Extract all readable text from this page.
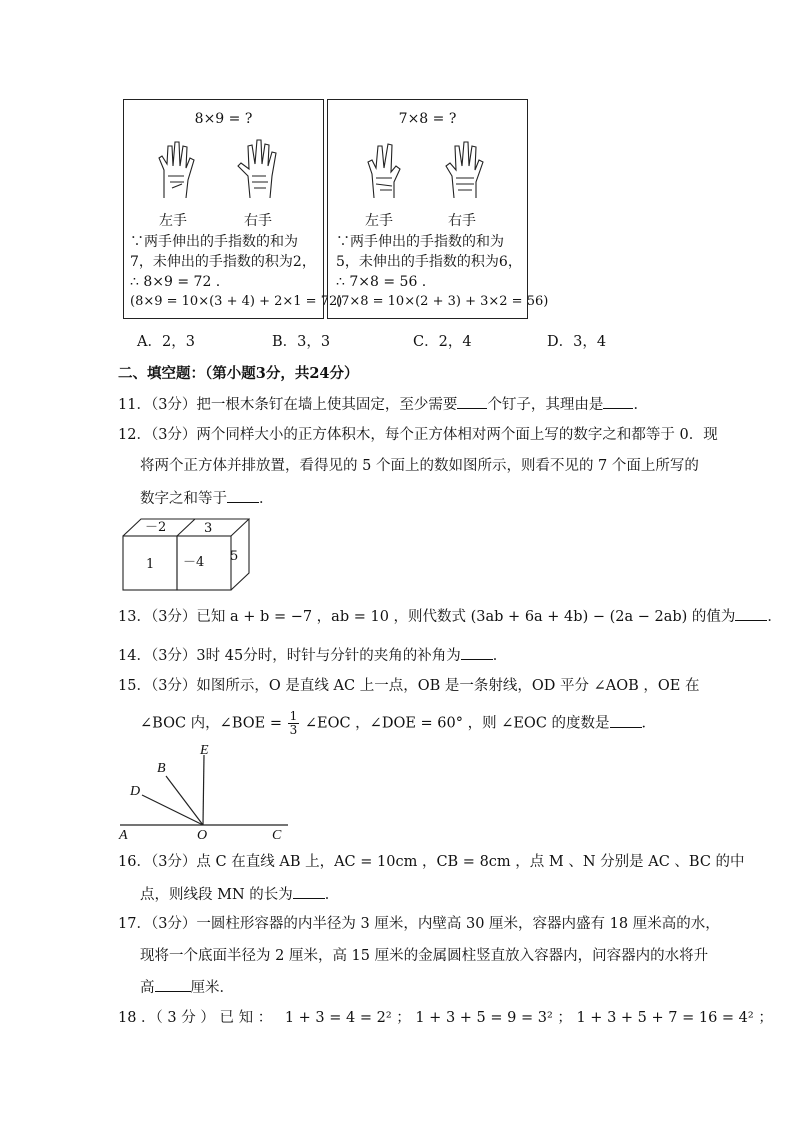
8×9 = ?
左手	右手
∵两手伸出的手指数的和为
7，未伸出的手指数的积为2，
∴ 8×9 = 72 .
(8×9 = 10×(3 + 4) + 2×1 = 72)
7×8 = ?
左手	右手
∵两手伸出的手指数的和为
5，未伸出的手指数的积为6，
∴ 7×8 = 56 .
(7×8 = 10×(2 + 3) + 3×2 = 56)
A．2，3	B．3，3	C．2，4	D．3，4
二、填空题：（第小题3分，共24分）
11．（3分）把一根木条钉在墙上使其固定，至少需要 个钉子，其理由是 ．
12．（3分）两个同样大小的正方体积木，每个正方体相对两个面上写的数字之和都等于 0．现
将两个正方体并排放置，看得见的 5 个面上的数如图所示，则看不见的 7 个面上所写的
数字之和等于 ．
－2	3
1 －4 5
13．（3分）已知 a + b = −7 ，ab = 10 ，则代数式 (3ab + 6a + 4b) − (2a − 2ab) 的值为 ．
14．（3分）3时 45分时，时针与分针的夹角的补角为 ．
15．（3分）如图所示，O 是直线 AC 上一点，OB 是一条射线，OD 平分 ∠AOB ，OE 在
∠BOC 内，∠BOE = $\frac{1}{3}$ ∠EOC ，∠DOE = 60° ，则 ∠EOC 的度数是 ．
E
B
D
A	O	C
16．（3分）点 C 在直线 AB 上，AC = 10cm ，CB = 8cm ，点 M 、N 分别是 AC 、BC 的中
点，则线段 MN 的长为 ．
17．（3分）一圆柱形容器的内半径为 3 厘米，内壁高 30 厘米，容器内盛有 18 厘米高的水，
现将一个底面半径为 2 厘米，高 15 厘米的金属圆柱竖直放入容器内，问容器内的水将升
高 厘米．
18 ．（ 3 分 ） 已 知 ： 1 + 3 = 4 = 2² ； 1 + 3 + 5 = 9 = 3² ； 1 + 3 + 5 + 7 = 16 = 4² ；
